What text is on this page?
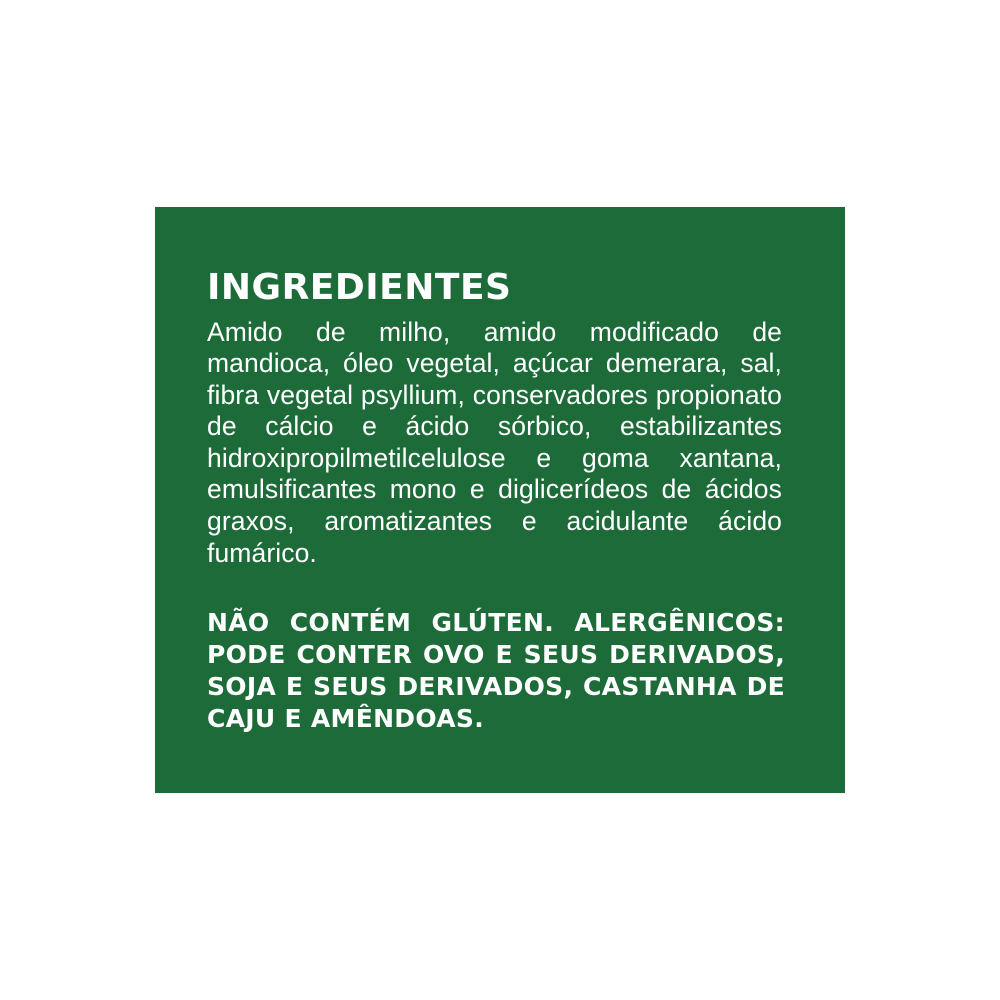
INGREDIENTES

Amido de milho, amido modificado de mandioca, óleo vegetal, açúcar demerara, sal, fibra vegetal psyllium, conservadores propionato de cálcio e ácido sórbico, estabilizantes hidroxipropilmetilcelulose e goma xantana, emulsificantes mono e diglicerídeos de ácidos graxos, aromatizantes e acidulante ácido fumárico.

NÃO CONTÉM GLÚTEN. ALERGÊNICOS: PODE CONTER OVO E SEUS DERIVADOS, SOJA E SEUS DERIVADOS, CASTANHA DE CAJU E AMÊNDOAS.
